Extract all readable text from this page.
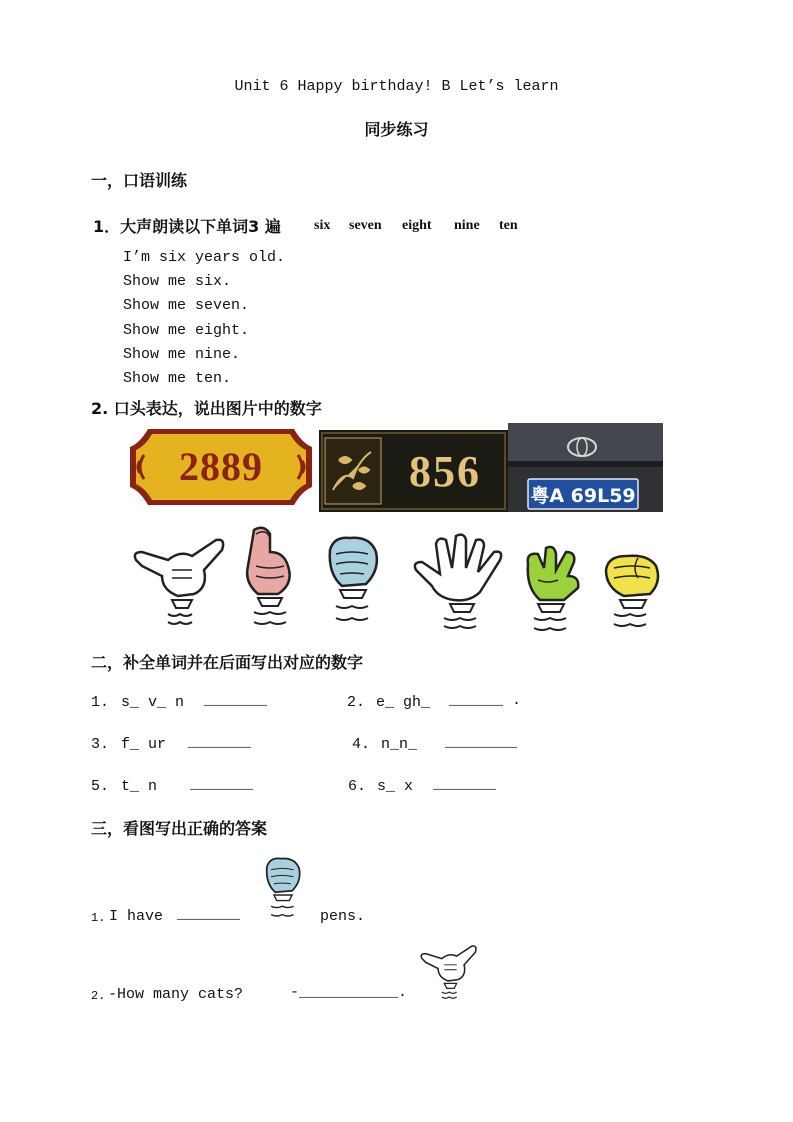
Unit 6 Happy birthday! B Let’s learn
同步练习
一，口语训练
1．大声朗读以下单词3 遍 six seven eight nine ten
I’m six years old.
Show me six.
Show me seven.
Show me eight.
Show me nine.
Show me ten.
2. 口头表达，说出图片中的数字
2889	856	粤A 69L59
二，补全单词并在后面写出对应的数字
1. s_ v_ n _______	2. e_ gh_ ______ .
3. f_ ur _______	4. n_n_ ________
5. t_ n _______	6. s_ x _______
三，看图写出正确的答案
1. I have _______	pens.
2. -How many cats?	-___________.
